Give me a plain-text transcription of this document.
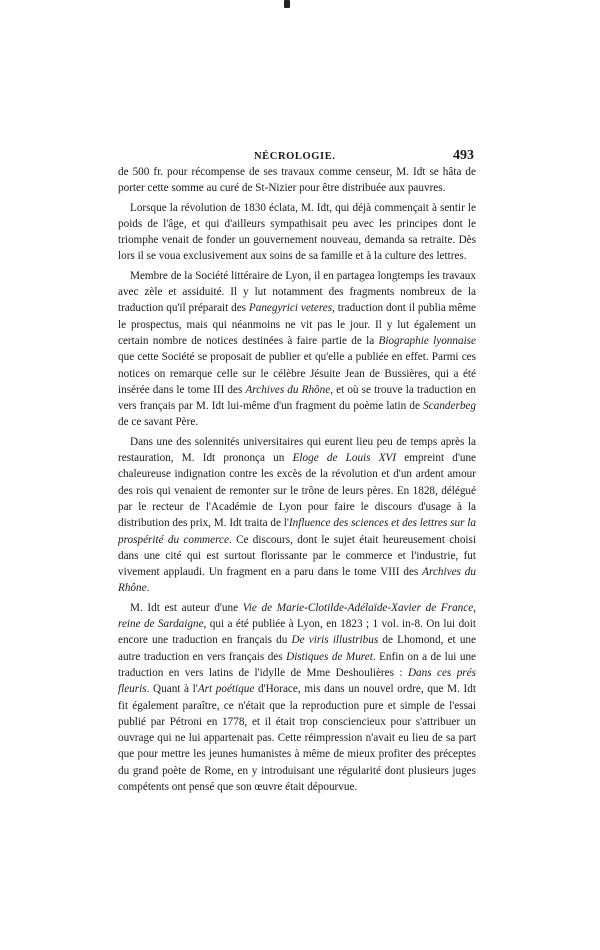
NÉCROLOGIE.	493

de 500 fr. pour récompense de ses travaux comme censeur, M. Idt se hâta de porter cette somme au curé de St-Nizier pour être distribuée aux pauvres.

Lorsque la révolution de 1830 éclata, M. Idt, qui déjà commençait à sentir le poids de l'âge, et qui d'ailleurs sympathisait peu avec les principes dont le triomphe venait de fonder un gouvernement nouveau, demanda sa retraite. Dès lors il se voua exclusivement aux soins de sa famille et à la culture des lettres.

Membre de la Société littéraire de Lyon, il en partagea longtemps les travaux avec zèle et assiduité. Il y lut notamment des fragments nombreux de la traduction qu'il préparait des Panegyrici veteres, traduction dont il publia même le prospectus, mais qui néanmoins ne vit pas le jour. Il y lut également un certain nombre de notices destinées à faire partie de la Biographie lyonnaise que cette Société se proposait de publier et qu'elle a publiée en effet. Parmi ces notices on remarque celle sur le célèbre Jésuite Jean de Bussières, qui a été insérée dans le tome III des Archives du Rhône, et où se trouve la traduction en vers français par M. Idt lui-même d'un fragment du poème latin de Scanderbeg de ce savant Père.

Dans une des solennités universitaires qui eurent lieu peu de temps après la restauration, M. Idt prononça un Eloge de Louis XVI empreint d'une chaleureuse indignation contre les excès de la révolution et d'un ardent amour des rois qui venaient de remonter sur le trône de leurs pères. En 1828, délégué par le recteur de l'Académie de Lyon pour faire le discours d'usage à la distribution des prix, M. Idt traita de l'Influence des sciences et des lettres sur la prospérité du commerce. Ce discours, dont le sujet était heureusement choisi dans une cité qui est surtout florissante par le commerce et l'industrie, fut vivement applaudi. Un fragment en a paru dans le tome VIII des Archives du Rhône.

M. Idt est auteur d'une Vie de Marie-Clotilde-Adélaïde-Xavier de France, reine de Sardaigne, qui a été publiée à Lyon, en 1823 ; 1 vol. in-8. On lui doit encore une traduction en français du De viris illustribus de Lhomond, et une autre traduction en vers français des Distiques de Muret. Enfin on a de lui une traduction en vers latins de l'idylle de Mme Deshoulières : Dans ces prés fleuris. Quant à l'Art poétique d'Horace, mis dans un nouvel ordre, que M. Idt fit également paraître, ce n'était que la reproduction pure et simple de l'essai publié par Pétroni en 1778, et il était trop consciencieux pour s'attribuer un ouvrage qui ne lui appartenait pas. Cette réimpression n'avait eu lieu de sa part que pour mettre les jeunes humanistes à même de mieux profiter des préceptes du grand poète de Rome, en y introduisant une régularité dont plusieurs juges compétents ont pensé que son œuvre était dépourvue.
